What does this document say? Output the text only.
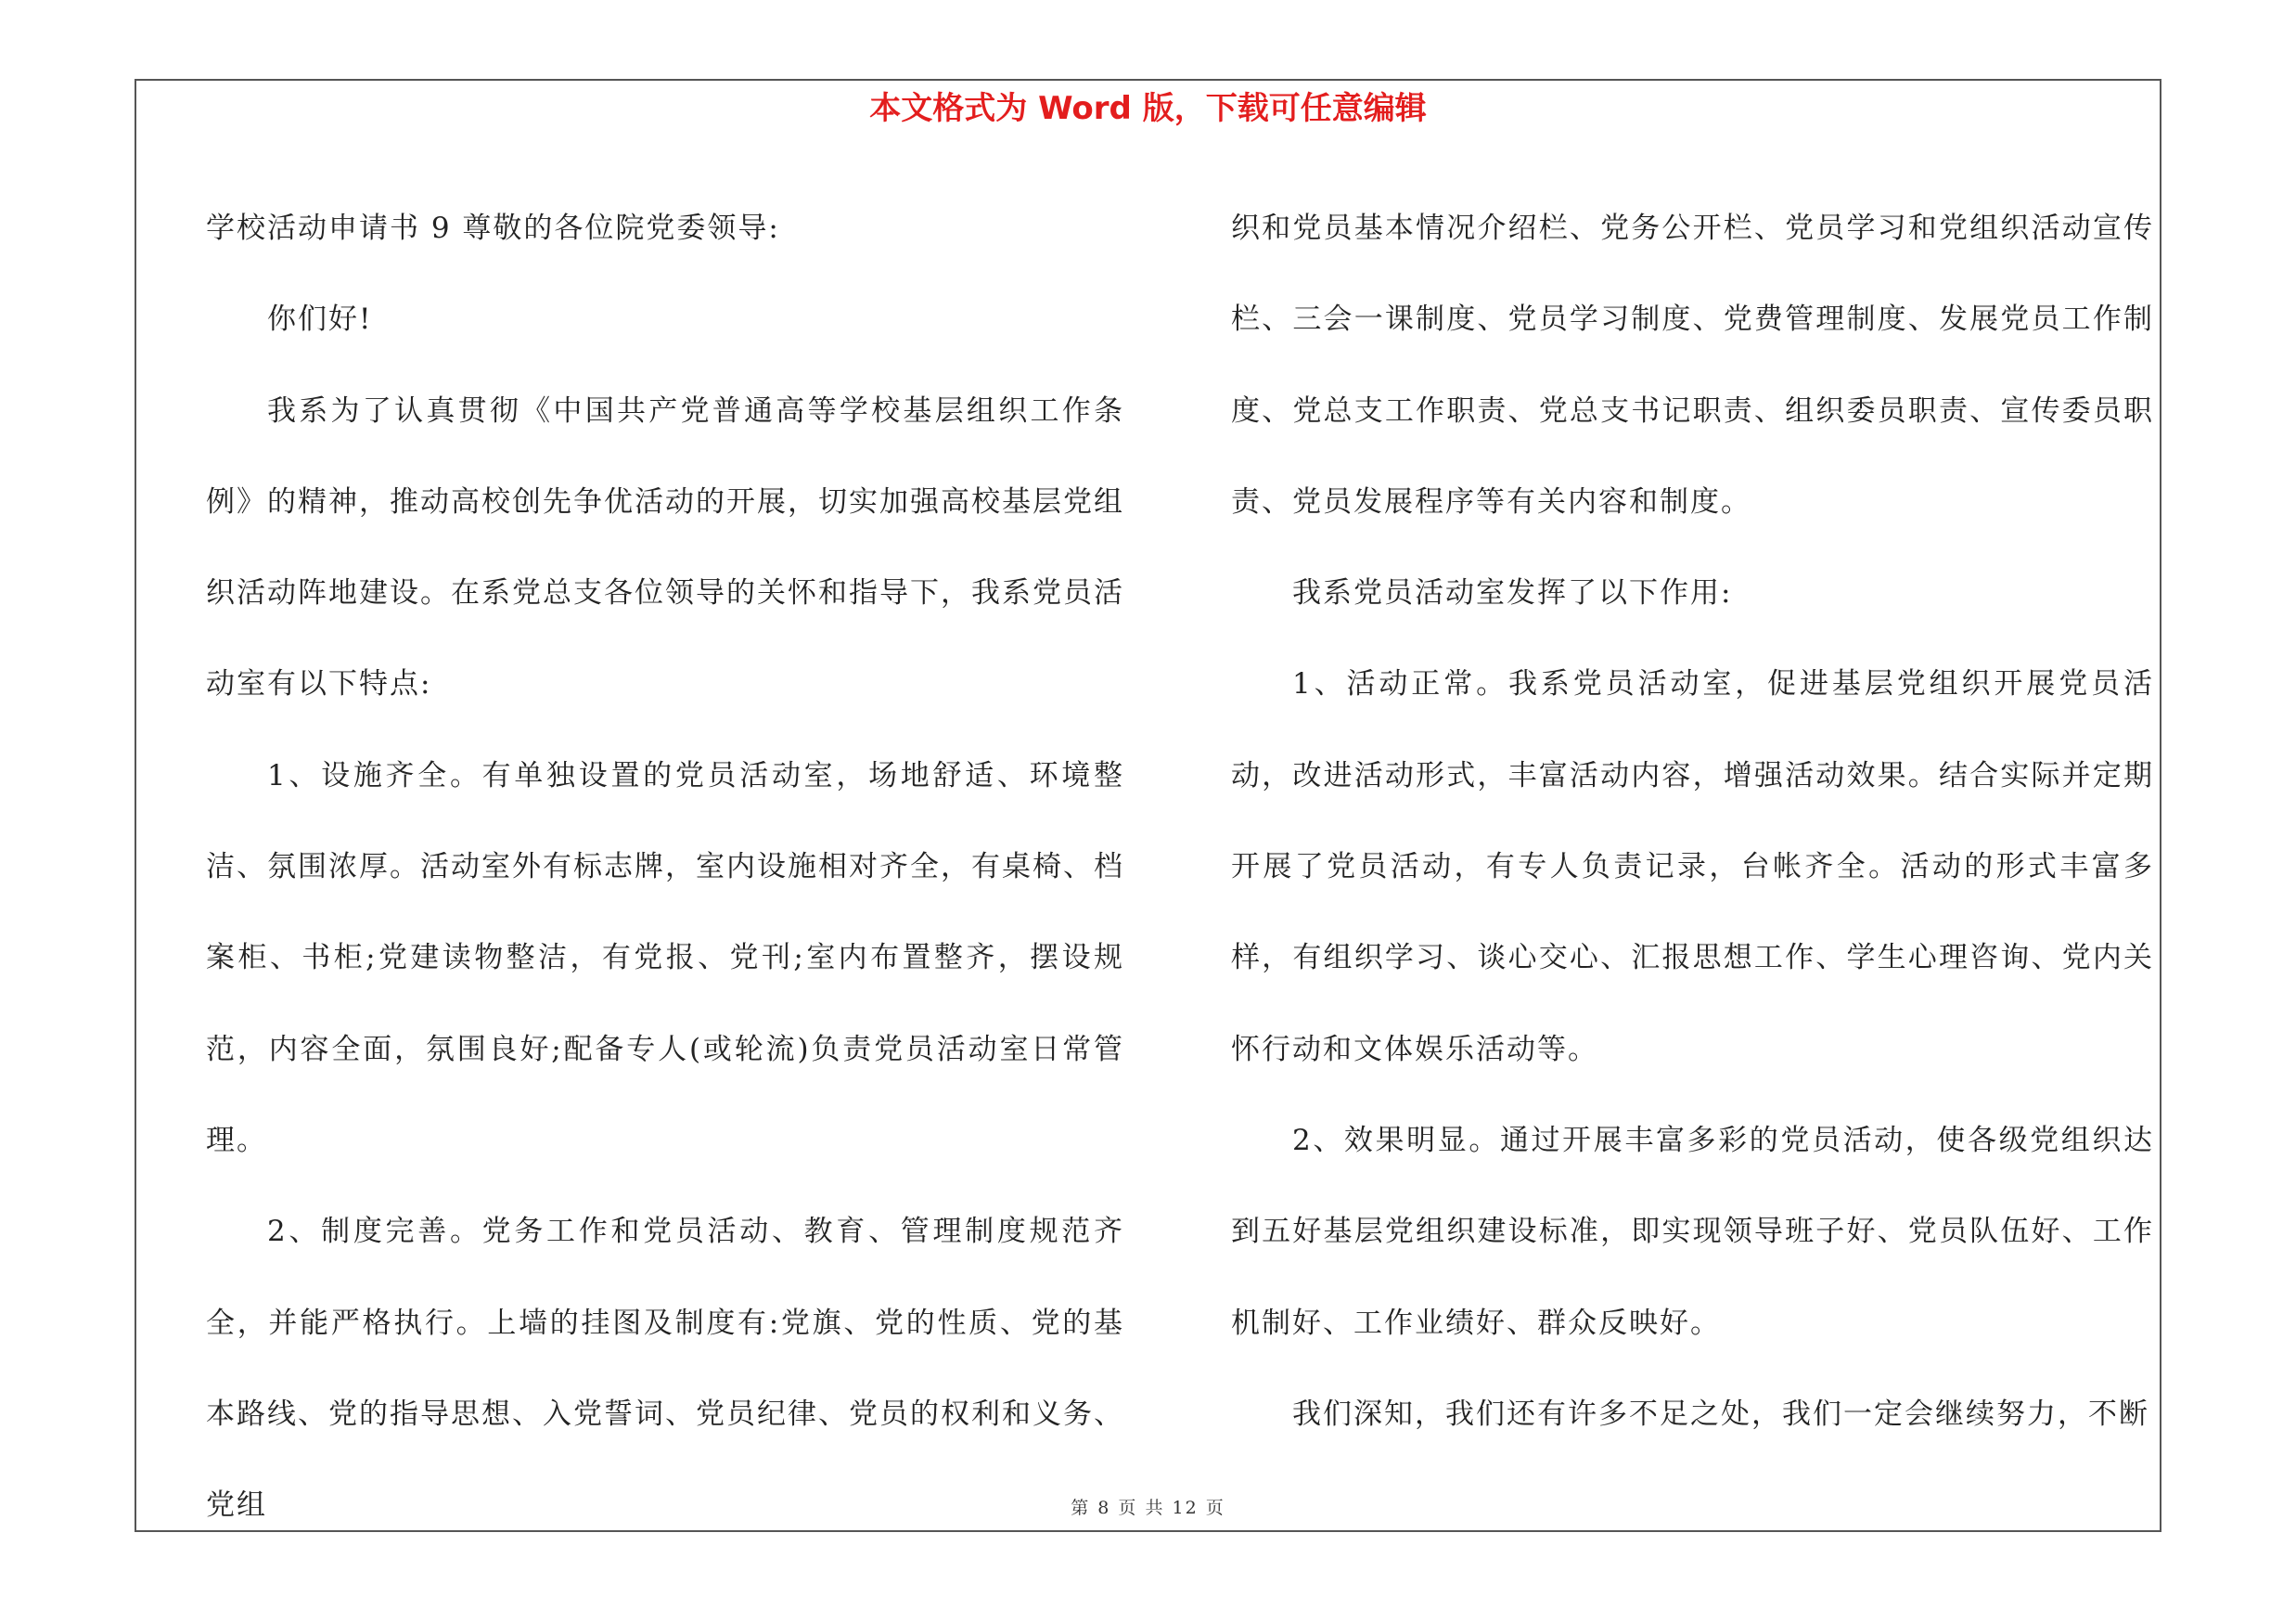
本文格式为 Word 版，下载可任意编辑

学校活动申请书 9 尊敬的各位院党委领导:

你们好!

我系为了认真贯彻《中国共产党普通高等学校基层组织工作条例》的精神，推动高校创先争优活动的开展，切实加强高校基层党组织活动阵地建设。在系党总支各位领导的关怀和指导下，我系党员活动室有以下特点:

1、设施齐全。有单独设置的党员活动室，场地舒适、环境整洁、氛围浓厚。活动室外有标志牌，室内设施相对齐全，有桌椅、档案柜、书柜;党建读物整洁，有党报、党刊;室内布置整齐，摆设规范，内容全面，氛围良好;配备专人(或轮流)负责党员活动室日常管理。

2、制度完善。党务工作和党员活动、教育、管理制度规范齐全，并能严格执行。上墙的挂图及制度有:党旗、党的性质、党的基本路线、党的指导思想、入党誓词、党员纪律、党员的权利和义务、党组

织和党员基本情况介绍栏、党务公开栏、党员学习和党组织活动宣传栏、三会一课制度、党员学习制度、党费管理制度、发展党员工作制度、党总支工作职责、党总支书记职责、组织委员职责、宣传委员职责、党员发展程序等有关内容和制度。

我系党员活动室发挥了以下作用:

1、活动正常。我系党员活动室，促进基层党组织开展党员活动，改进活动形式，丰富活动内容，增强活动效果。结合实际并定期开展了党员活动，有专人负责记录，台帐齐全。活动的形式丰富多样，有组织学习、谈心交心、汇报思想工作、学生心理咨询、党内关怀行动和文体娱乐活动等。

2、效果明显。通过开展丰富多彩的党员活动，使各级党组织达到五好基层党组织建设标准，即实现领导班子好、党员队伍好、工作机制好、工作业绩好、群众反映好。

我们深知，我们还有许多不足之处，我们一定会继续努力，不断

第 8 页 共 12 页
